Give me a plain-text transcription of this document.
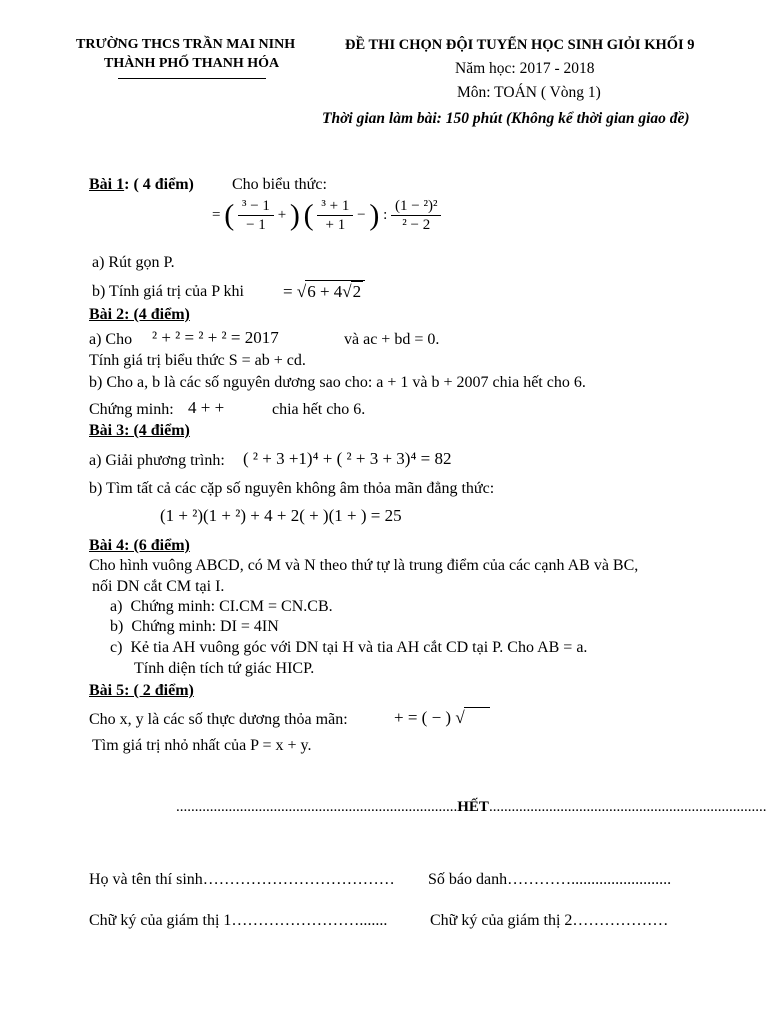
TRƯỜNG THCS TRẦN MAI NINH
THÀNH PHỐ THANH HÓA
ĐỀ THI CHỌN ĐỘI TUYỂN HỌC SINH GIỎI KHỐI 9
Năm học: 2017 - 2018
Môn: TOÁN ( Vòng 1)
Thời gian làm bài: 150 phút (Không kể thời gian giao đề)
Bài 1: ( 4 điểm) Cho biểu thức:
= ( $\frac{\text{³ − 1}}{- 1}$ + ) ( $\frac{\text{³ + 1}}{+ 1}$ − ) : $\frac{\text{(1 − ²)²}}{\text{² − 2}}$
a) Rút gọn P.
b) Tính giá trị của P khi = √6 + 4√2
Bài 2: (4 điểm)
a) Cho ² + ² = ² + ² = 2017	và ac + bd = 0.
Tính giá trị biểu thức S = ab + cd.
b) Cho a, b là các số nguyên dương sao cho: a + 1 và b + 2007 chia hết cho 6.
Chứng minh: 4 + +	chia hết cho 6.
Bài 3: (4 điểm)
a) Giải phương trình: ( ² + 3 +1)⁴ + ( ² + 3 + 3)⁴ = 82
b) Tìm tất cả các cặp số nguyên không âm thỏa mãn đẳng thức:
(1 + ²)(1 + ²) + 4 + 2( + )(1 + ) = 25
Bài 4: (6 điểm)
Cho hình vuông ABCD, có M và N theo thứ tự là trung điểm của các cạnh AB và BC,
nối DN cắt CM tại I.
a) Chứng minh: CI.CM = CN.CB.
b) Chứng minh: DI = 4IN
c) Kẻ tia AH vuông góc với DN tại H và tia AH cắt CD tại P. Cho AB = a.
Tính diện tích tứ giác HICP.
Bài 5: ( 2 điểm)
Cho x, y là các số thực dương thỏa mãn:	+ = ( − ) √
Tìm giá trị nhỏ nhất của P = x + y.
...........................................................................HẾT..........................................................................
Họ và tên thí sinh……………………………… Số báo danh………….........................
Chữ ký của giám thị 1…………………….......	Chữ ký của giám thị 2………………
